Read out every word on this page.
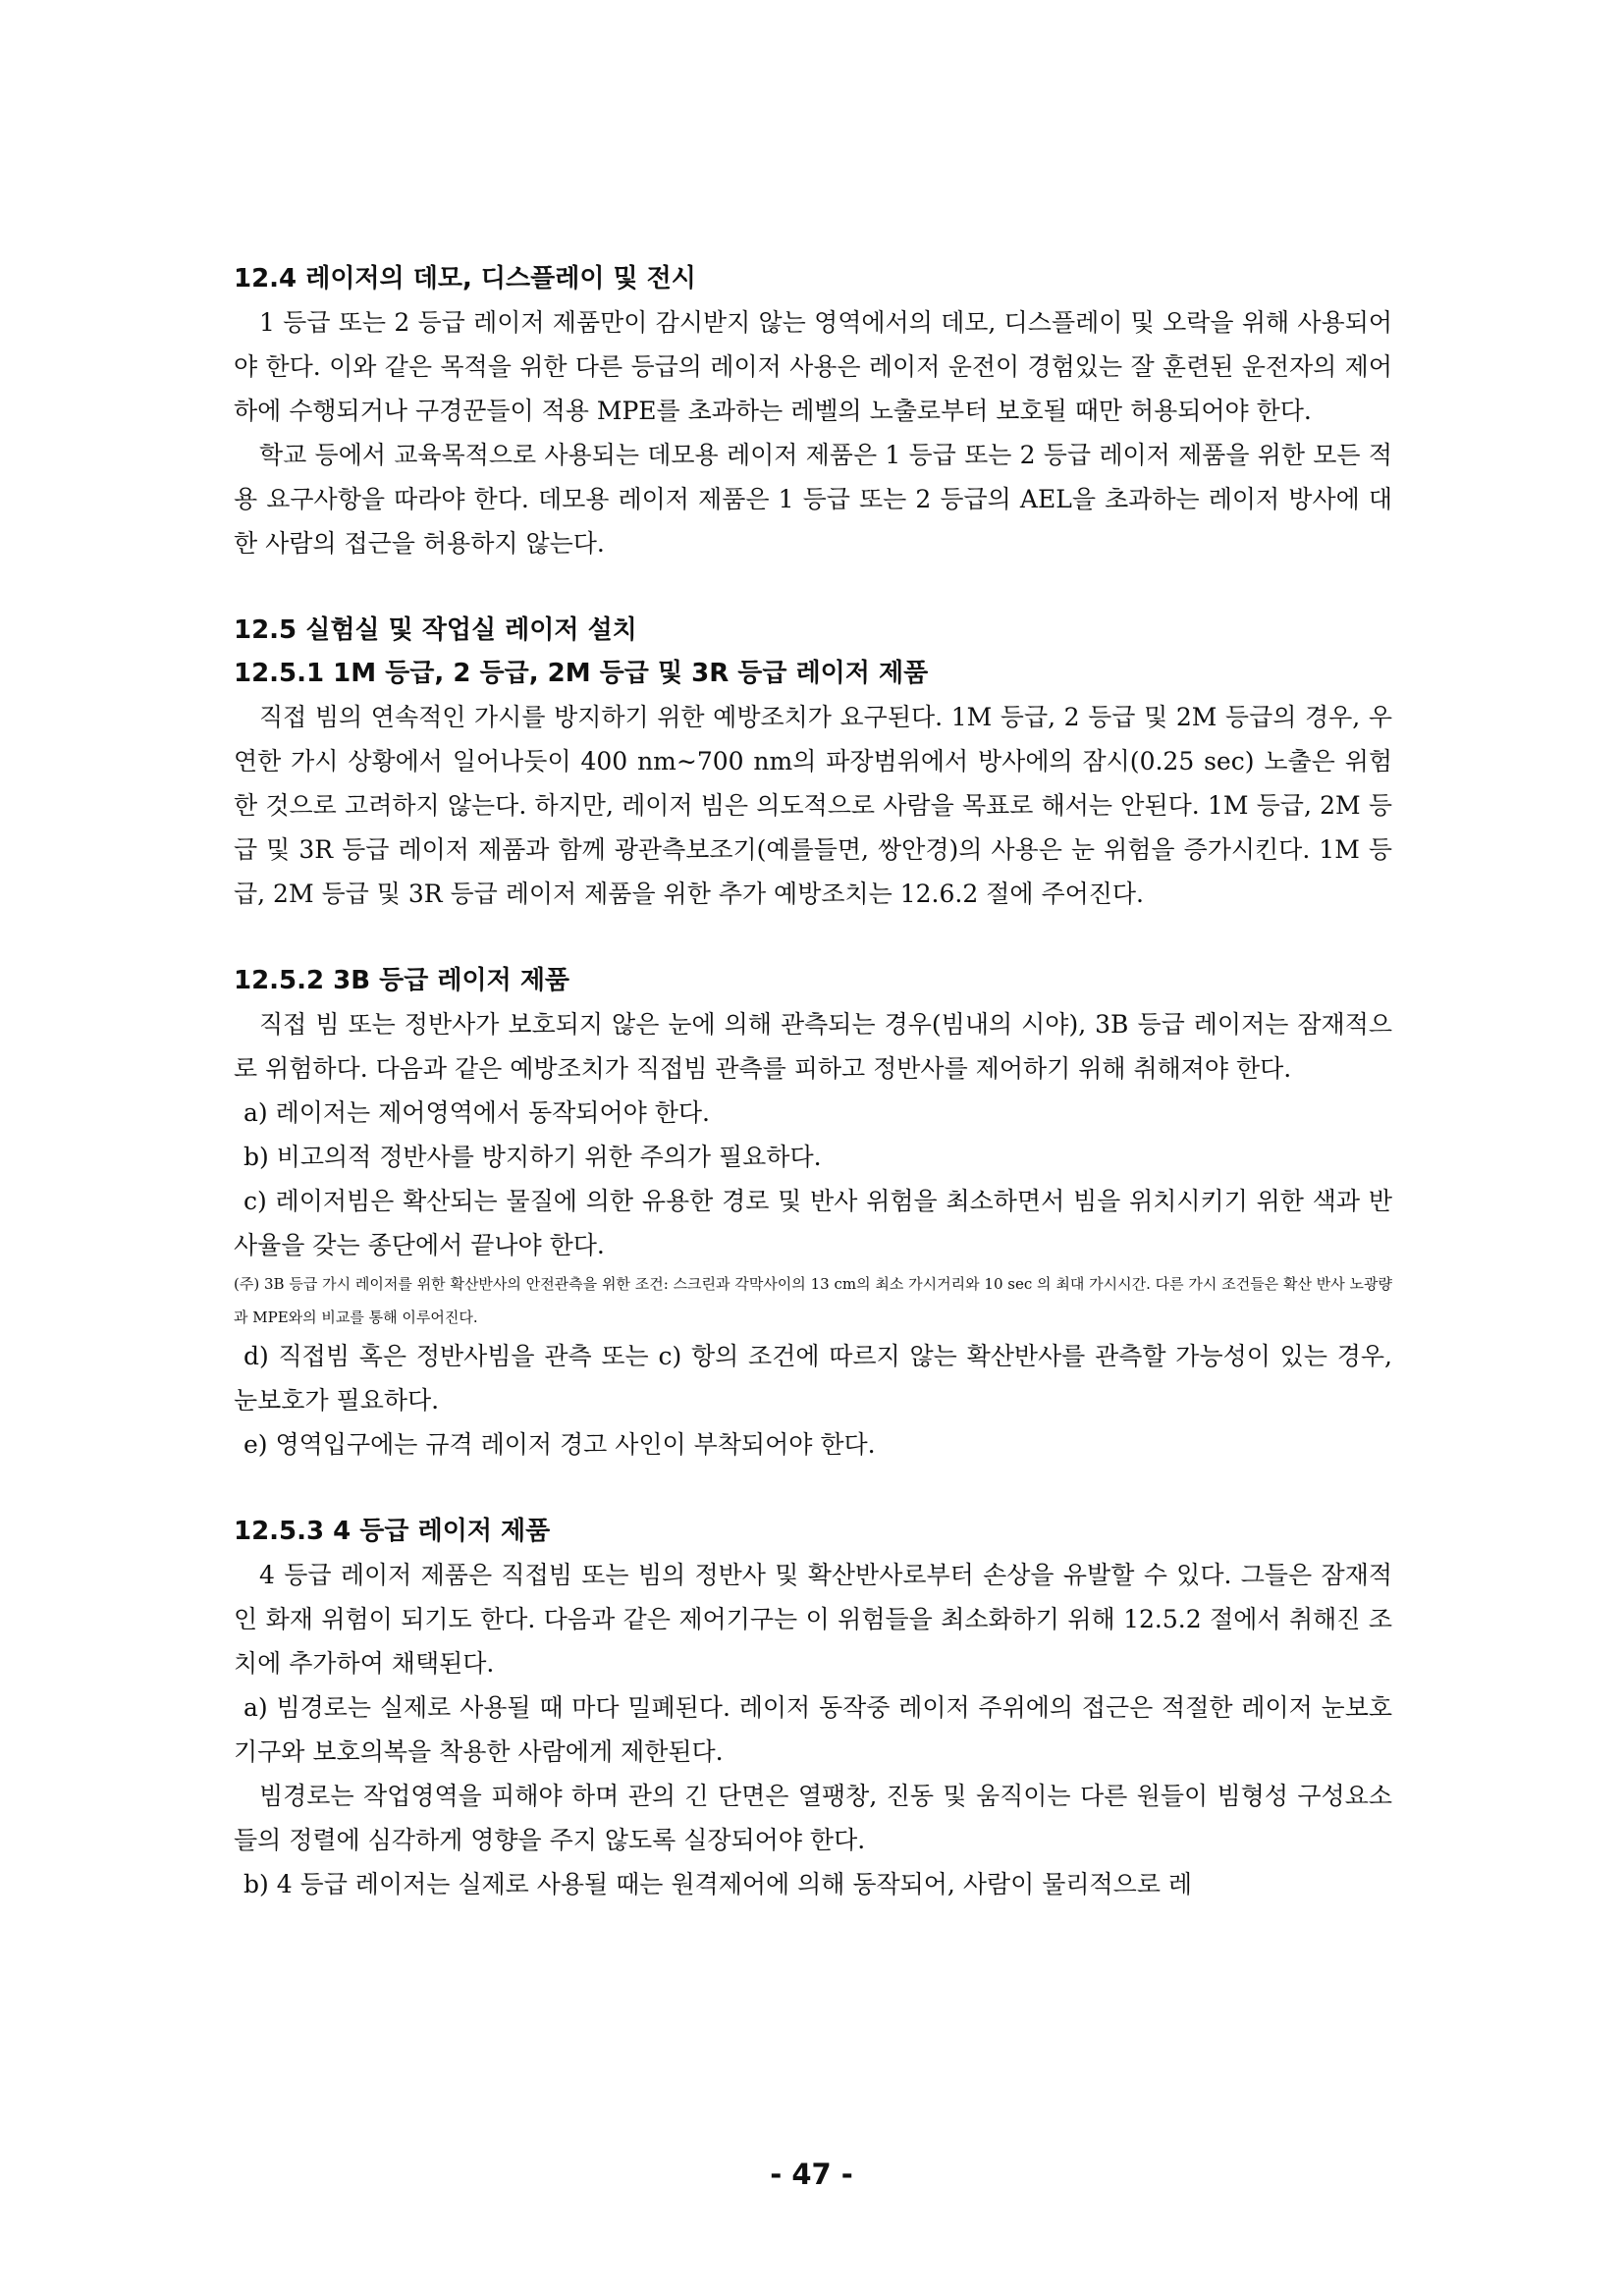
12.4 레이저의 데모, 디스플레이 및 전시

1 등급 또는 2 등급 레이저 제품만이 감시받지 않는 영역에서의 데모, 디스플레이 및 오락을 위해 사용되어야 한다. 이와 같은 목적을 위한 다른 등급의 레이저 사용은 레이저 운전이 경험있는 잘 훈련된 운전자의 제어하에 수행되거나 구경꾼들이 적용 MPE를 초과하는 레벨의 노출로부터 보호될 때만 허용되어야 한다.

학교 등에서 교육목적으로 사용되는 데모용 레이저 제품은 1 등급 또는 2 등급 레이저 제품을 위한 모든 적용 요구사항을 따라야 한다. 데모용 레이저 제품은 1 등급 또는 2 등급의 AEL을 초과하는 레이저 방사에 대한 사람의 접근을 허용하지 않는다.

12.5 실험실 및 작업실 레이저 설치
12.5.1 1M 등급, 2 등급, 2M 등급 및 3R 등급 레이저 제품

직접 빔의 연속적인 가시를 방지하기 위한 예방조치가 요구된다. 1M 등급, 2 등급 및 2M 등급의 경우, 우연한 가시 상황에서 일어나듯이 400 nm∼700 nm의 파장범위에서 방사에의 잠시(0.25 sec) 노출은 위험한 것으로 고려하지 않는다. 하지만, 레이저 빔은 의도적으로 사람을 목표로 해서는 안된다. 1M 등급, 2M 등급 및 3R 등급 레이저 제품과 함께 광관측보조기(예를들면, 쌍안경)의 사용은 눈 위험을 증가시킨다. 1M 등급, 2M 등급 및 3R 등급 레이저 제품을 위한 추가 예방조치는 12.6.2 절에 주어진다.

12.5.2 3B 등급 레이저 제품

직접 빔 또는 정반사가 보호되지 않은 눈에 의해 관측되는 경우(빔내의 시야), 3B 등급 레이저는 잠재적으로 위험하다. 다음과 같은 예방조치가 직접빔 관측를 피하고 정반사를 제어하기 위해 취해져야 한다.

a) 레이저는 제어영역에서 동작되어야 한다.

b) 비고의적 정반사를 방지하기 위한 주의가 필요하다.

c) 레이저빔은 확산되는 물질에 의한 유용한 경로 및 반사 위험을 최소하면서 빔을 위치시키기 위한 색과 반사율을 갖는 종단에서 끝나야 한다.

(주) 3B 등급 가시 레이저를 위한 확산반사의 안전관측을 위한 조건: 스크린과 각막사이의 13 cm의 최소 가시거리와 10 sec 의 최대 가시시간. 다른 가시 조건들은 확산 반사 노광량과 MPE와의 비교를 통해 이루어진다.

d) 직접빔 혹은 정반사빔을 관측 또는 c) 항의 조건에 따르지 않는 확산반사를 관측할 가능성이 있는 경우, 눈보호가 필요하다.

e) 영역입구에는 규격 레이저 경고 사인이 부착되어야 한다.

12.5.3 4 등급 레이저 제품

4 등급 레이저 제품은 직접빔 또는 빔의 정반사 및 확산반사로부터 손상을 유발할 수 있다. 그들은 잠재적인 화재 위험이 되기도 한다. 다음과 같은 제어기구는 이 위험들을 최소화하기 위해 12.5.2 절에서 취해진 조치에 추가하여 채택된다.

a) 빔경로는 실제로 사용될 때 마다 밀폐된다. 레이저 동작중 레이저 주위에의 접근은 적절한 레이저 눈보호기구와 보호의복을 착용한 사람에게 제한된다.

빔경로는 작업영역을 피해야 하며 관의 긴 단면은 열팽창, 진동 및 움직이는 다른 원들이 빔형성 구성요소들의 정렬에 심각하게 영향을 주지 않도록 실장되어야 한다.

b) 4 등급 레이저는 실제로 사용될 때는 원격제어에 의해 동작되어, 사람이 물리적으로 레

- 47 -
